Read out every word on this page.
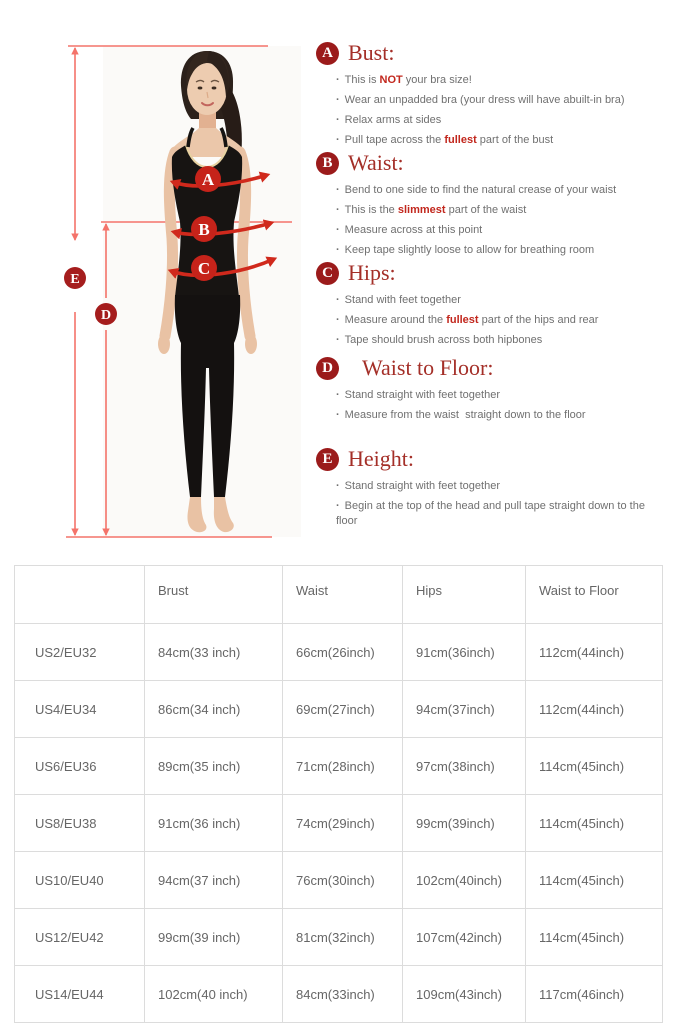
A
B
C
E
D
A Bust:
· This is NOT your bra size!
· Wear an unpadded bra (your dress will have abuilt-in bra)
· Relax arms at sides
· Pull tape across the fullest part of the bust
B Waist:
· Bend to one side to find the natural crease of your waist
· This is the slimmest part of the waist
· Measure across at this point
· Keep tape slightly loose to allow for breathing room
C Hips:
· Stand with feet together
· Measure around the fullest part of the hips and rear
· Tape should brush across both hipbones
D Waist to Floor:
· Stand straight with feet together
· Measure from the waist  straight down to the floor
E Height:
· Stand straight with feet together
· Begin at the top of the head and pull tape straight down to the floor
	Brust	Waist	Hips	Waist to Floor
US2/EU32	84cm(33 inch)	66cm(26inch)	91cm(36inch)	112cm(44inch)
US4/EU34	86cm(34 inch)	69cm(27inch)	94cm(37inch)	112cm(44inch)
US6/EU36	89cm(35 inch)	71cm(28inch)	97cm(38inch)	114cm(45inch)
US8/EU38	91cm(36 inch)	74cm(29inch)	99cm(39inch)	114cm(45inch)
US10/EU40	94cm(37 inch)	76cm(30inch)	102cm(40inch)	114cm(45inch)
US12/EU42	99cm(39 inch)	81cm(32inch)	107cm(42inch)	114cm(45inch)
US14/EU44	102cm(40 inch)	84cm(33inch)	109cm(43inch)	117cm(46inch)
